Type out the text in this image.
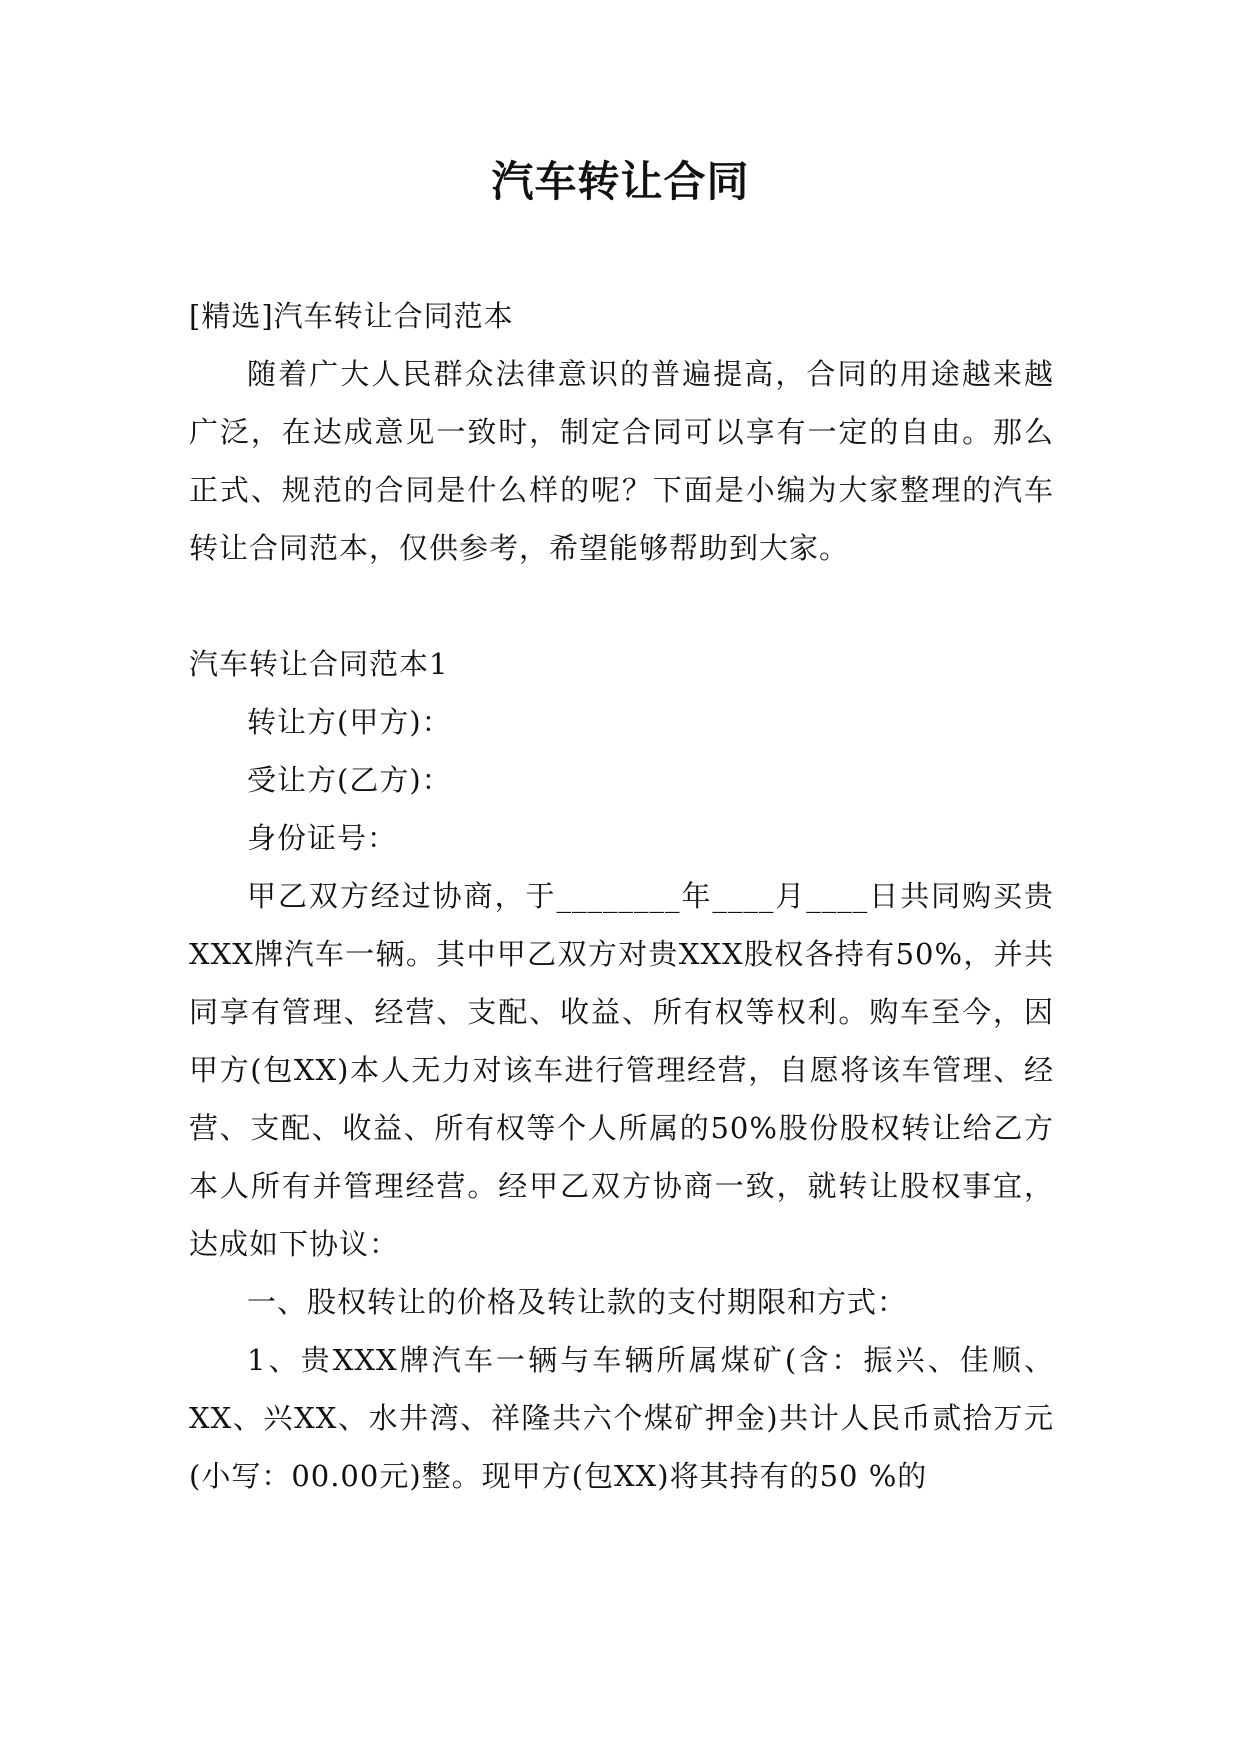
汽车转让合同

[精选]汽车转让合同范本

随着广大人民群众法律意识的普遍提高，合同的用途越来越广泛，在达成意见一致时，制定合同可以享有一定的自由。那么正式、规范的合同是什么样的呢？下面是小编为大家整理的汽车转让合同范本，仅供参考，希望能够帮助到大家。

汽车转让合同范本1

转让方(甲方)：

受让方(乙方)：

身份证号：

甲乙双方经过协商，于________年____月____日共同购买贵XXX牌汽车一辆。其中甲乙双方对贵XXX股权各持有50%，并共同享有管理、经营、支配、收益、所有权等权利。购车至今，因甲方(包XX)本人无力对该车进行管理经营，自愿将该车管理、经营、支配、收益、所有权等个人所属的50%股份股权转让给乙方本人所有并管理经营。经甲乙双方协商一致，就转让股权事宜，达成如下协议：

一、股权转让的价格及转让款的支付期限和方式：

1、贵XXX牌汽车一辆与车辆所属煤矿(含：振兴、佳顺、XX、兴XX、水井湾、祥隆共六个煤矿押金)共计人民币贰拾万元(小写：00.00元)整。现甲方(包XX)将其持有的50 %的
